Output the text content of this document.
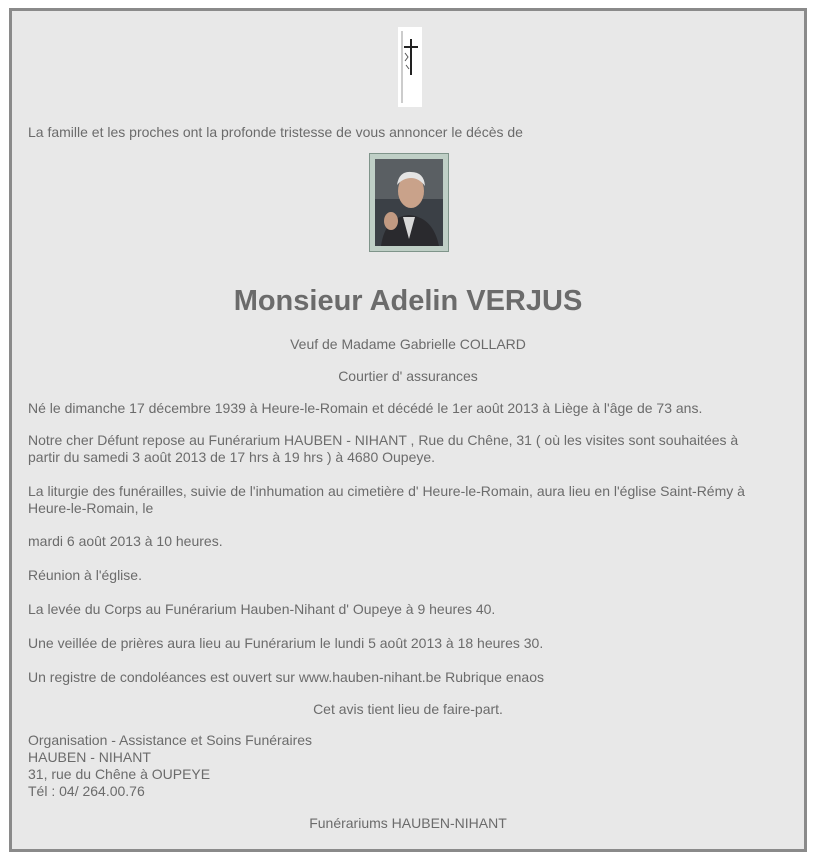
La famille et les proches ont la profonde tristesse de vous annoncer le décès de
Monsieur Adelin VERJUS
Veuf de Madame Gabrielle COLLARD
Courtier d' assurances
Né le dimanche 17 décembre 1939 à Heure-le-Romain et décédé le 1er août 2013 à Liège à l'âge de 73 ans.
Notre cher Défunt repose au Funérarium HAUBEN - NIHANT , Rue du Chêne, 31 ( où les visites sont souhaitées à
partir du samedi 3 août 2013 de 17 hrs à 19 hrs ) à 4680 Oupeye.
La liturgie des funérailles, suivie de l'inhumation au cimetière d' Heure-le-Romain, aura lieu en l'église Saint-Rémy à
Heure-le-Romain, le
mardi 6 août 2013 à 10 heures.
Réunion à l'église.
La levée du Corps au Funérarium Hauben-Nihant d' Oupeye à 9 heures 40.
Une veillée de prières aura lieu au Funérarium le lundi 5 août 2013 à 18 heures 30.
Un registre de condoléances est ouvert sur www.hauben-nihant.be Rubrique enaos
Cet avis tient lieu de faire-part.
Organisation - Assistance et Soins Funéraires
HAUBEN - NIHANT
31, rue du Chêne à OUPEYE
Tél : 04/ 264.00.76
Funérariums HAUBEN-NIHANT
